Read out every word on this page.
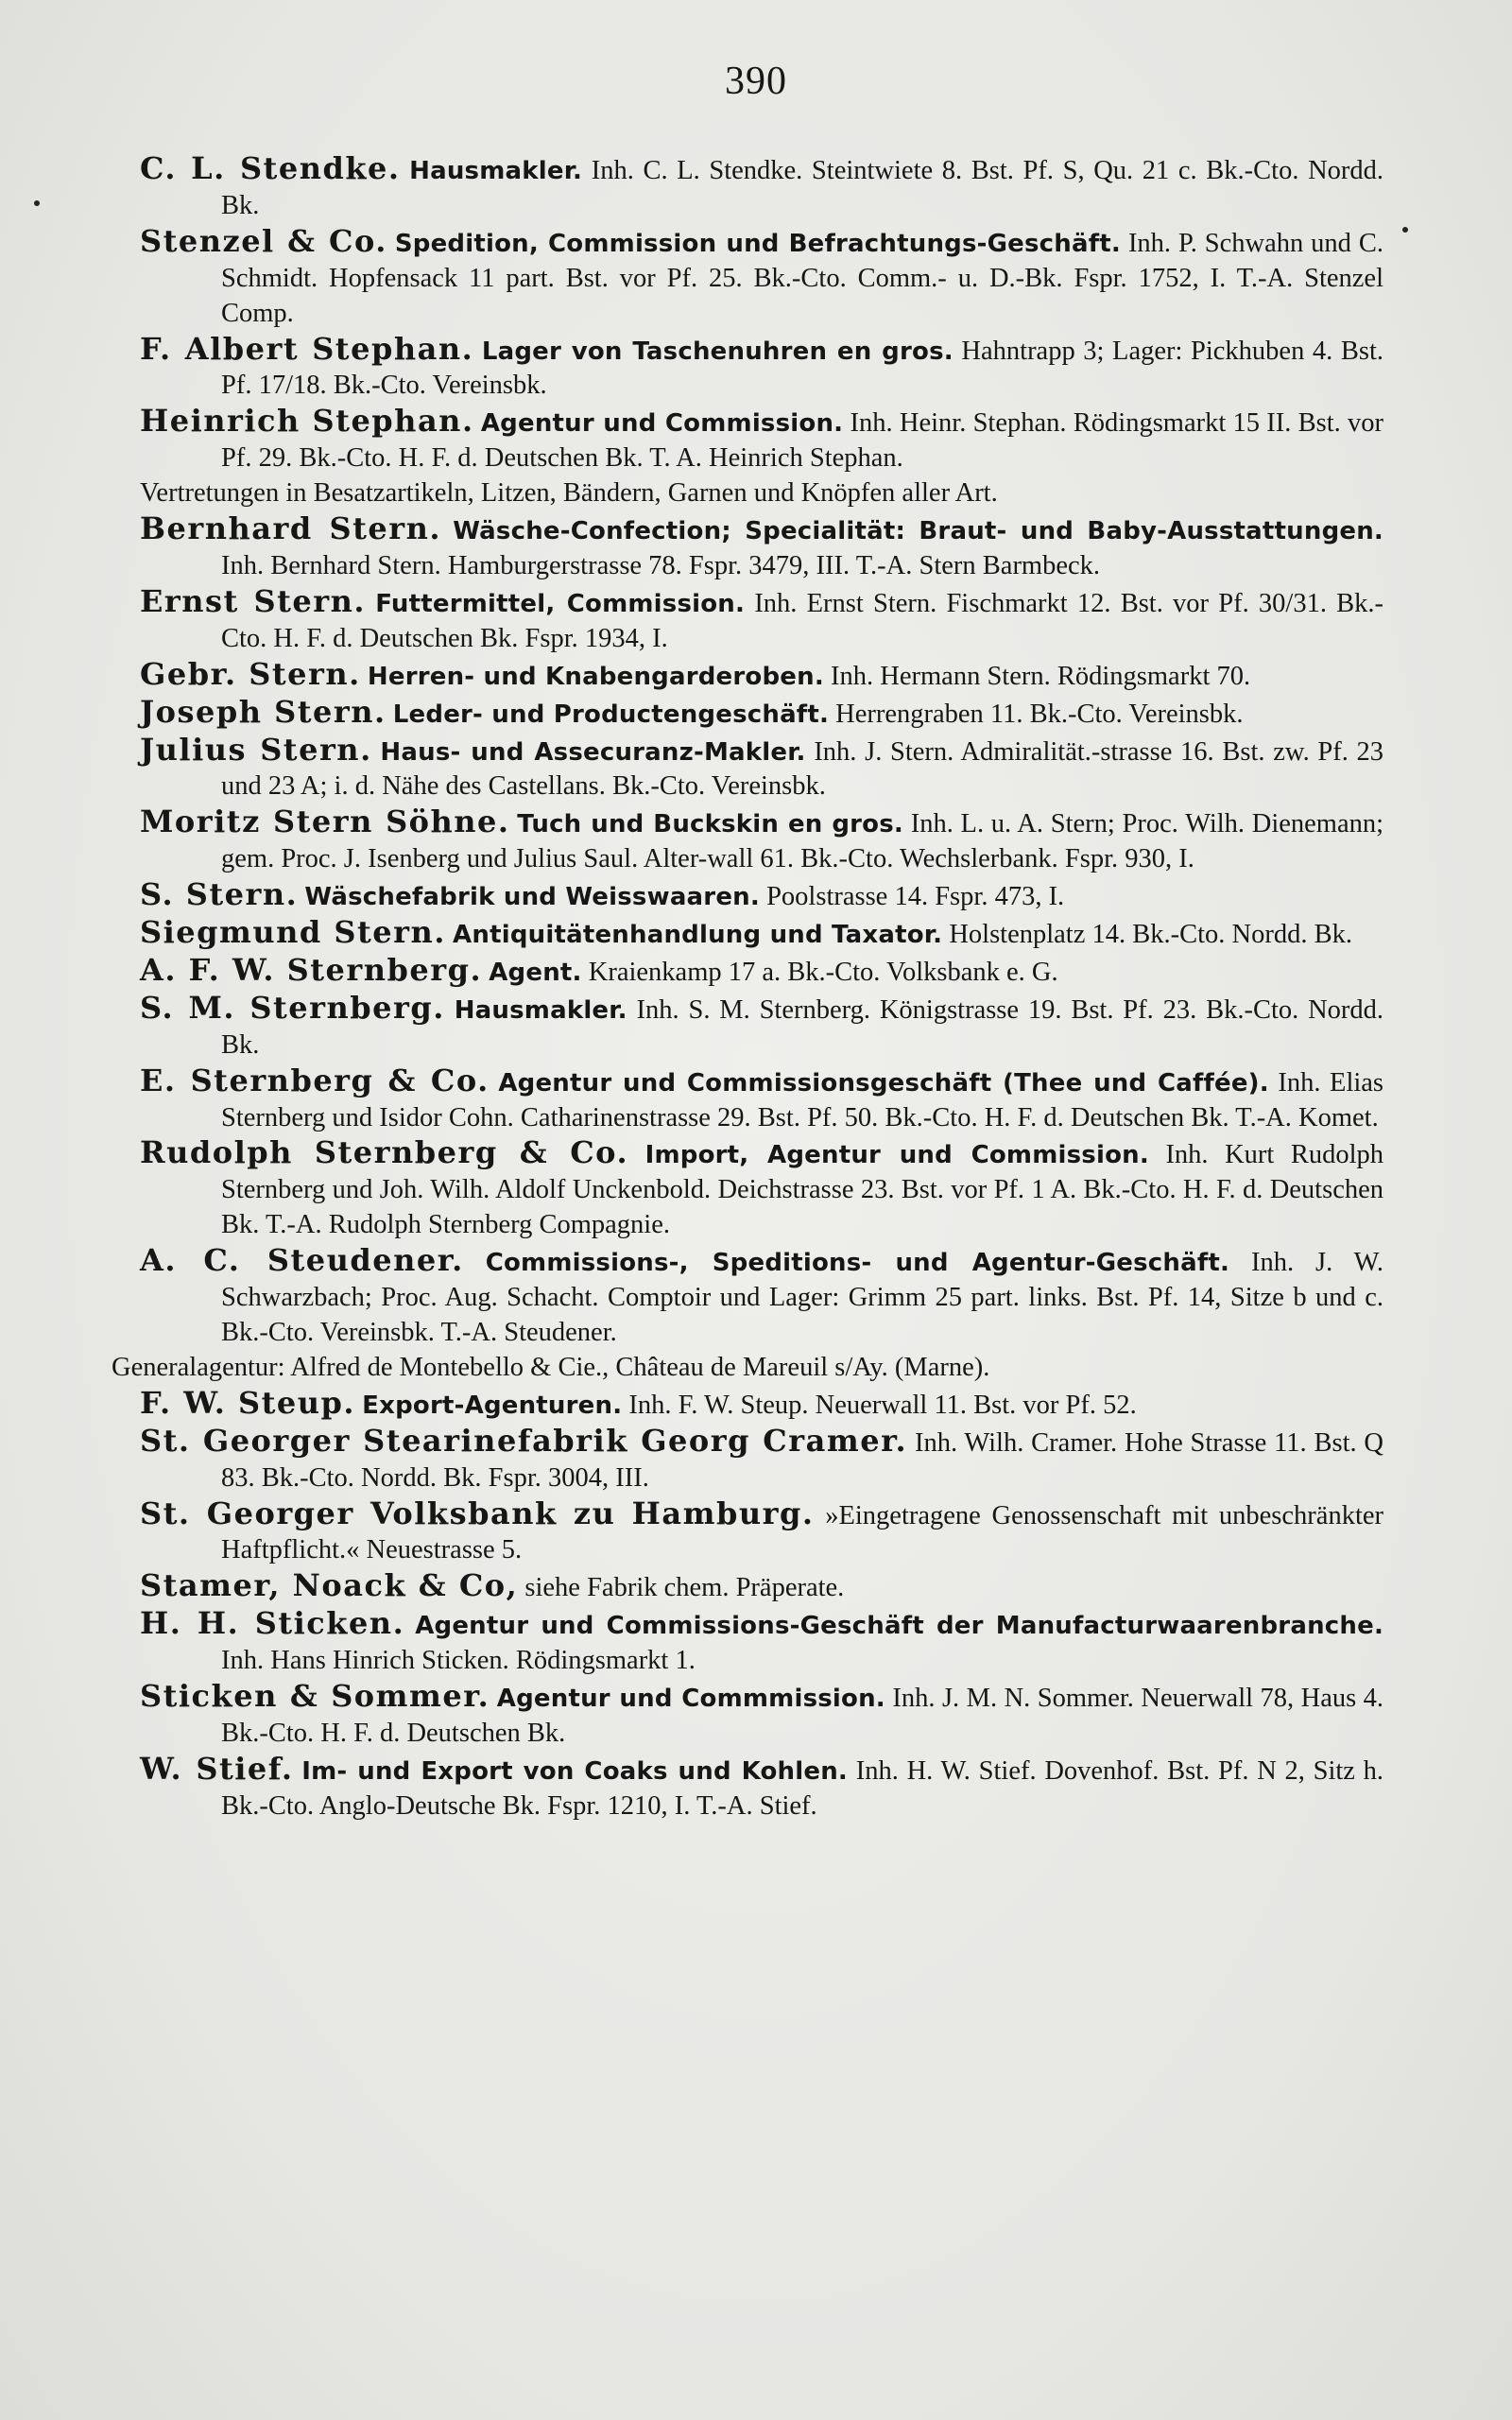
390

C. L. Stendke. Hausmakler. Inh. C. L. Stendke. Steintwiete 8. Bst. Pf. S, Qu. 21 c. Bk.-Cto. Nordd. Bk.

Stenzel & Co. Spedition, Commission und Befrachtungs-Geschäft. Inh. P. Schwahn und C. Schmidt. Hopfensack 11 part. Bst. vor Pf. 25. Bk.-Cto. Comm.- u. D.-Bk. Fspr. 1752, I. T.-A. Stenzel Comp.

F. Albert Stephan. Lager von Taschenuhren en gros. Hahntrapp 3; Lager: Pickhuben 4. Bst. Pf. 17/18. Bk.-Cto. Vereinsbk.

Heinrich Stephan. Agentur und Commission. Inh. Heinr. Stephan. Rödingsmarkt 15 II. Bst. vor Pf. 29. Bk.-Cto. H. F. d. Deutschen Bk. T. A. Heinrich Stephan.

Vertretungen in Besatzartikeln, Litzen, Bändern, Garnen und Knöpfen aller Art.

Bernhard Stern. Wäsche-Confection; Specialität: Braut- und Baby-Ausstattungen. Inh. Bernhard Stern. Hamburgerstrasse 78. Fspr. 3479, III. T.-A. Stern Barmbeck.

Ernst Stern. Futtermittel, Commission. Inh. Ernst Stern. Fischmarkt 12. Bst. vor Pf. 30/31. Bk.-Cto. H. F. d. Deutschen Bk. Fspr. 1934, I.

Gebr. Stern. Herren- und Knabengarderoben. Inh. Hermann Stern. Rödingsmarkt 70.

Joseph Stern. Leder- und Productengeschäft. Herrengraben 11. Bk.-Cto. Vereinsbk.

Julius Stern. Haus- und Assecuranz-Makler. Inh. J. Stern. Admiralität.-strasse 16. Bst. zw. Pf. 23 und 23 A; i. d. Nähe des Castellans. Bk.-Cto. Vereinsbk.

Moritz Stern Söhne. Tuch und Buckskin en gros. Inh. L. u. A. Stern; Proc. Wilh. Dienemann; gem. Proc. J. Isenberg und Julius Saul. Alter-wall 61. Bk.-Cto. Wechslerbank. Fspr. 930, I.

S. Stern. Wäschefabrik und Weisswaaren. Poolstrasse 14. Fspr. 473, I.

Siegmund Stern. Antiquitätenhandlung und Taxator. Holstenplatz 14. Bk.-Cto. Nordd. Bk.

A. F. W. Sternberg. Agent. Kraienkamp 17 a. Bk.-Cto. Volksbank e. G.

S. M. Sternberg. Hausmakler. Inh. S. M. Sternberg. Königstrasse 19. Bst. Pf. 23. Bk.-Cto. Nordd. Bk.

E. Sternberg & Co. Agentur und Commissionsgeschäft (Thee und Caffée). Inh. Elias Sternberg und Isidor Cohn. Catharinenstrasse 29. Bst. Pf. 50. Bk.-Cto. H. F. d. Deutschen Bk. T.-A. Komet.

Rudolph Sternberg & Co. Import, Agentur und Commission. Inh. Kurt Rudolph Sternberg und Joh. Wilh. Aldolf Unckenbold. Deichstrasse 23. Bst. vor Pf. 1 A. Bk.-Cto. H. F. d. Deutschen Bk. T.-A. Rudolph Sternberg Compagnie.

A. C. Steudener. Commissions-, Speditions- und Agentur-Geschäft. Inh. J. W. Schwarzbach; Proc. Aug. Schacht. Comptoir und Lager: Grimm 25 part. links. Bst. Pf. 14, Sitze b und c. Bk.-Cto. Vereinsbk. T.-A. Steudener.

Generalagentur: Alfred de Montebello & Cie., Château de Mareuil s/Ay. (Marne).

F. W. Steup. Export-Agenturen. Inh. F. W. Steup. Neuerwall 11. Bst. vor Pf. 52.

St. Georger Stearinefabrik Georg Cramer. Inh. Wilh. Cramer. Hohe Strasse 11. Bst. Q 83. Bk.-Cto. Nordd. Bk. Fspr. 3004, III.

St. Georger Volksbank zu Hamburg. »Eingetragene Genossenschaft mit unbeschränkter Haftpflicht.« Neuestrasse 5.

Stamer, Noack & Co, siehe Fabrik chem. Präperate.

H. H. Sticken. Agentur und Commissions-Geschäft der Manufacturwaarenbranche. Inh. Hans Hinrich Sticken. Rödingsmarkt 1.

Sticken & Sommer. Agentur und Commmission. Inh. J. M. N. Sommer. Neuerwall 78, Haus 4. Bk.-Cto. H. F. d. Deutschen Bk.

W. Stief. Im- und Export von Coaks und Kohlen. Inh. H. W. Stief. Dovenhof. Bst. Pf. N 2, Sitz h. Bk.-Cto. Anglo-Deutsche Bk. Fspr. 1210, I. T.-A. Stief.
